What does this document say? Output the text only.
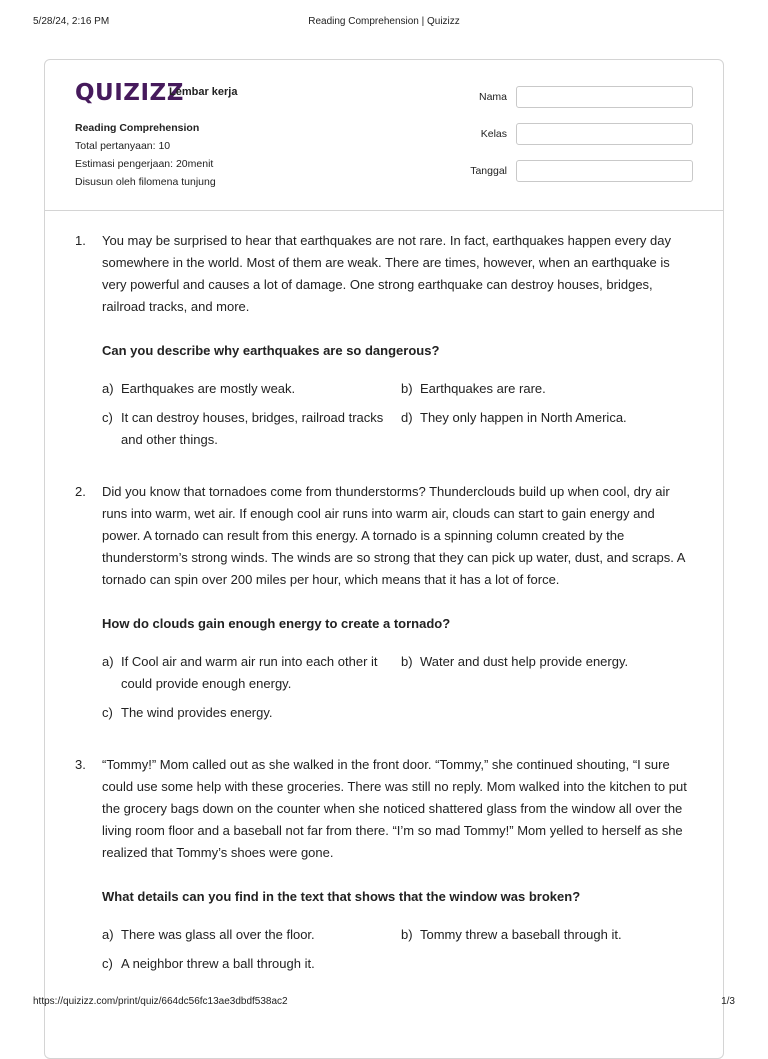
5/28/24, 2:16 PM	Reading Comprehension | Quizizz
QUIZIZZ
Lembar kerja
Reading Comprehension
Total pertanyaan: 10
Estimasi pengerjaan: 20menit
Disusun oleh filomena tunjung
Nama
Kelas
Tanggal
1. You may be surprised to hear that earthquakes are not rare. In fact, earthquakes happen every day somewhere in the world. Most of them are weak. There are times, however, when an earthquake is very powerful and causes a lot of damage. One strong earthquake can destroy houses, bridges, railroad tracks, and more.

Can you describe why earthquakes are so dangerous?
a) Earthquakes are mostly weak.	b) Earthquakes are rare.
c) It can destroy houses, bridges, railroad tracks and other things.
d) They only happen in North America.
2. Did you know that tornadoes come from thunderstorms? Thunderclouds build up when cool, dry air runs into warm, wet air. If enough cool air runs into warm air, clouds can start to gain energy and power. A tornado can result from this energy. A tornado is a spinning column created by the thunderstorm’s strong winds. The winds are so strong that they can pick up water, dust, and scraps. A tornado can spin over 200 miles per hour, which means that it has a lot of force.

How do clouds gain enough energy to create a tornado?
a) If Cool air and warm air run into each other it could provide enough energy.
b) Water and dust help provide energy.
c) The wind provides energy.
3. “Tommy!” Mom called out as she walked in the front door. “Tommy,” she continued shouting, “I sure could use some help with these groceries. There was still no reply. Mom walked into the kitchen to put the grocery bags down on the counter when she noticed shattered glass from the window all over the living room floor and a baseball not far from there. “I’m so mad Tommy!” Mom yelled to herself as she realized that Tommy’s shoes were gone.

What details can you find in the text that shows that the window was broken?
a) There was glass all over the floor.	b) Tommy threw a baseball through it.
c) A neighbor threw a ball through it.
https://quizizz.com/print/quiz/664dc56fc13ae3dbdf538ac2	1/3
